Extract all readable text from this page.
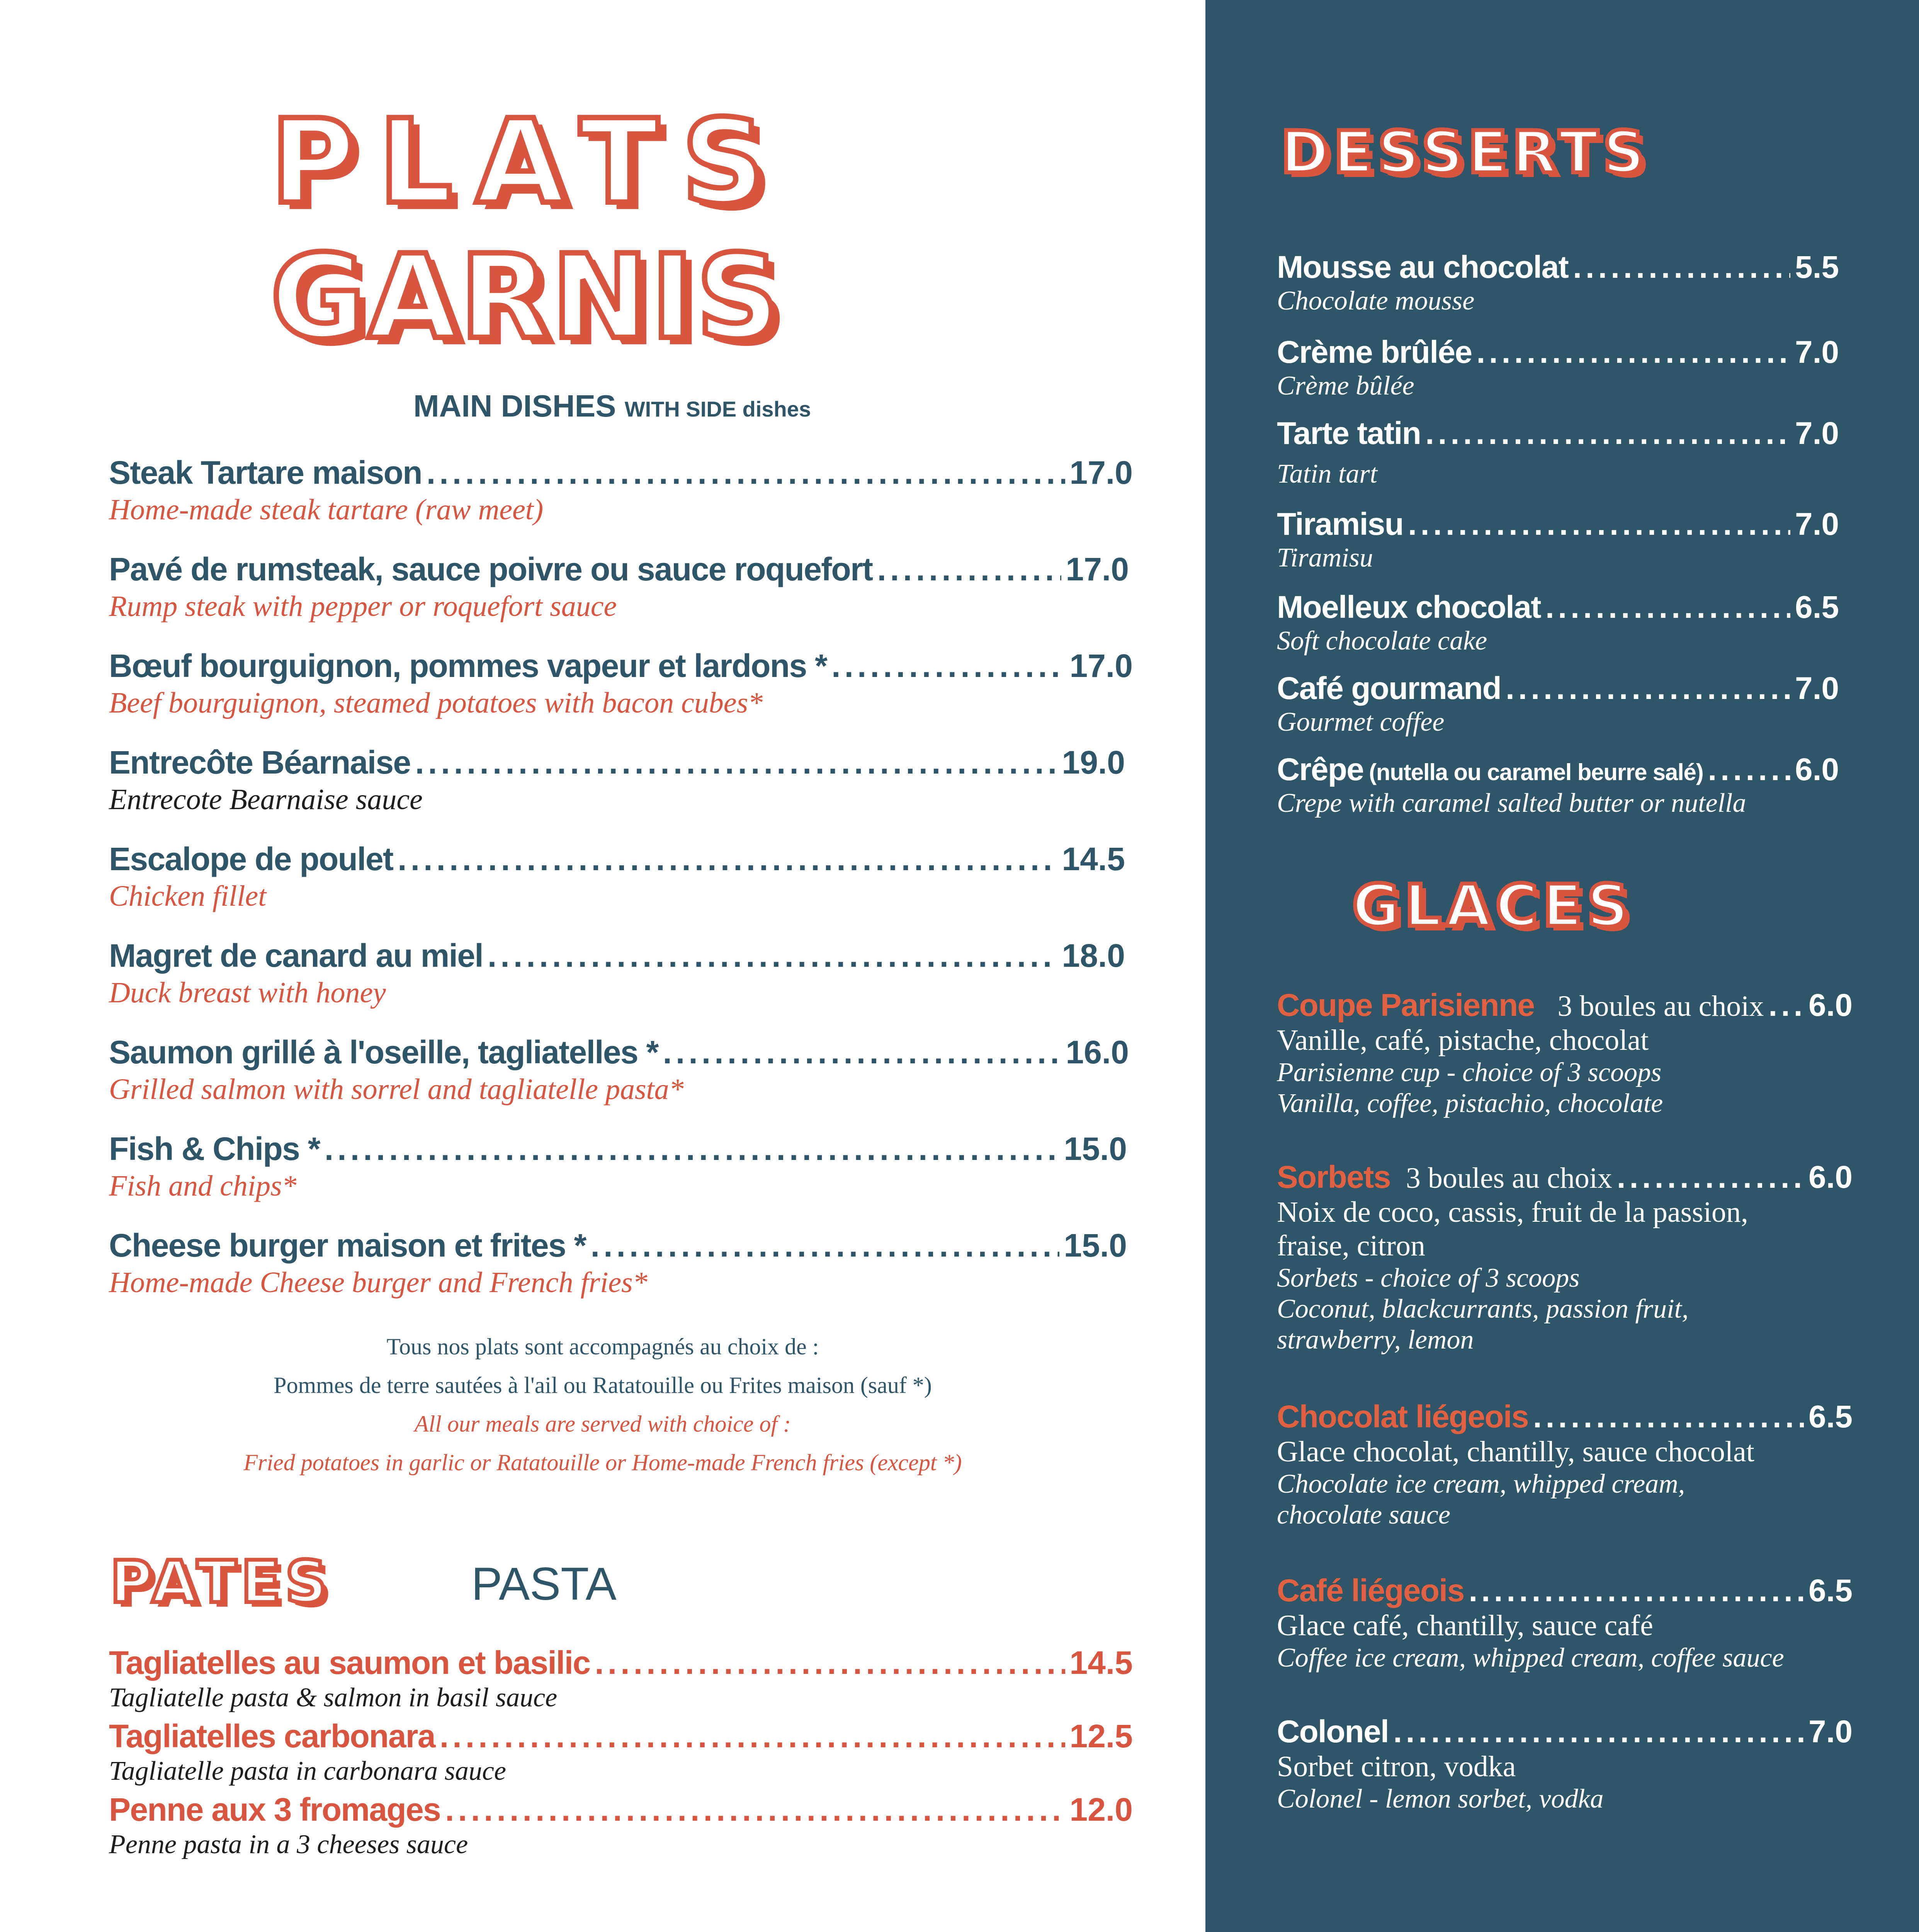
PLATS
GARNIS
MAIN DISHES WITH SIDE dishes
Steak Tartare maison .....	17.0
Home-made steak tartare (raw meet)
Pavé de rumsteak, sauce poivre ou sauce roquefort .....	17.0
Rump steak with pepper or roquefort sauce
Bœuf bourguignon, pommes vapeur et lardons * .....	17.0
Beef bourguignon, steamed potatoes with bacon cubes*
Entrecôte Béarnaise .....	19.0
Entrecote Bearnaise sauce
Escalope de poulet .....	14.5
Chicken fillet
Magret de canard au miel .....	18.0
Duck breast with honey
Saumon grillé à l'oseille, tagliatelles * .....	16.0
Grilled salmon with sorrel and tagliatelle pasta*
Fish & Chips * .....	15.0
Fish and chips*
Cheese burger maison et frites * .....	15.0
Home-made Cheese burger and French fries*
Tous nos plats sont accompagnés au choix de :
Pommes de terre sautées à l'ail ou Ratatouille ou Frites maison (sauf *)
All our meals are served with choice of :
Fried potatoes in garlic or Ratatouille or Home-made French fries (except *)
PATES	PASTA
Tagliatelles au saumon et basilic .....	14.5
Tagliatelle pasta & salmon in basil sauce
Tagliatelles carbonara .....	12.5
Tagliatelle pasta in carbonara sauce
Penne aux 3 fromages .....	12.0
Penne pasta in a 3 cheeses sauce
DESSERTS
Mousse au chocolat .....	5.5
Chocolate mousse
Crème brûlée .....	7.0
Crème bûlée
Tarte tatin .....	7.0
Tatin tart
Tiramisu .....	7.0
Tiramisu
Moelleux chocolat .....	6.5
Soft chocolate cake
Café gourmand .....	7.0
Gourmet coffee
Crêpe (nutella ou caramel beurre salé) .....	6.0
Crepe with caramel salted butter or nutella
GLACES
Coupe Parisienne 3 boules au choix ..... 6.0
Vanille, café, pistache, chocolat
Parisienne cup - choice of 3 scoops
Vanilla, coffee, pistachio, chocolate
Sorbets 3 boules au choix .....	6.0
Noix de coco, cassis, fruit de la passion,
fraise, citron
Sorbets - choice of 3 scoops
Coconut, blackcurrants, passion fruit,
strawberry, lemon
Chocolat liégeois .....	6.5
Glace chocolat, chantilly, sauce chocolat
Chocolate ice cream, whipped cream,
chocolate sauce
Café liégeois .....	6.5
Glace café, chantilly, sauce café
Coffee ice cream, whipped cream, coffee sauce
Colonel .....	7.0
Sorbet citron, vodka
Colonel - lemon sorbet, vodka
